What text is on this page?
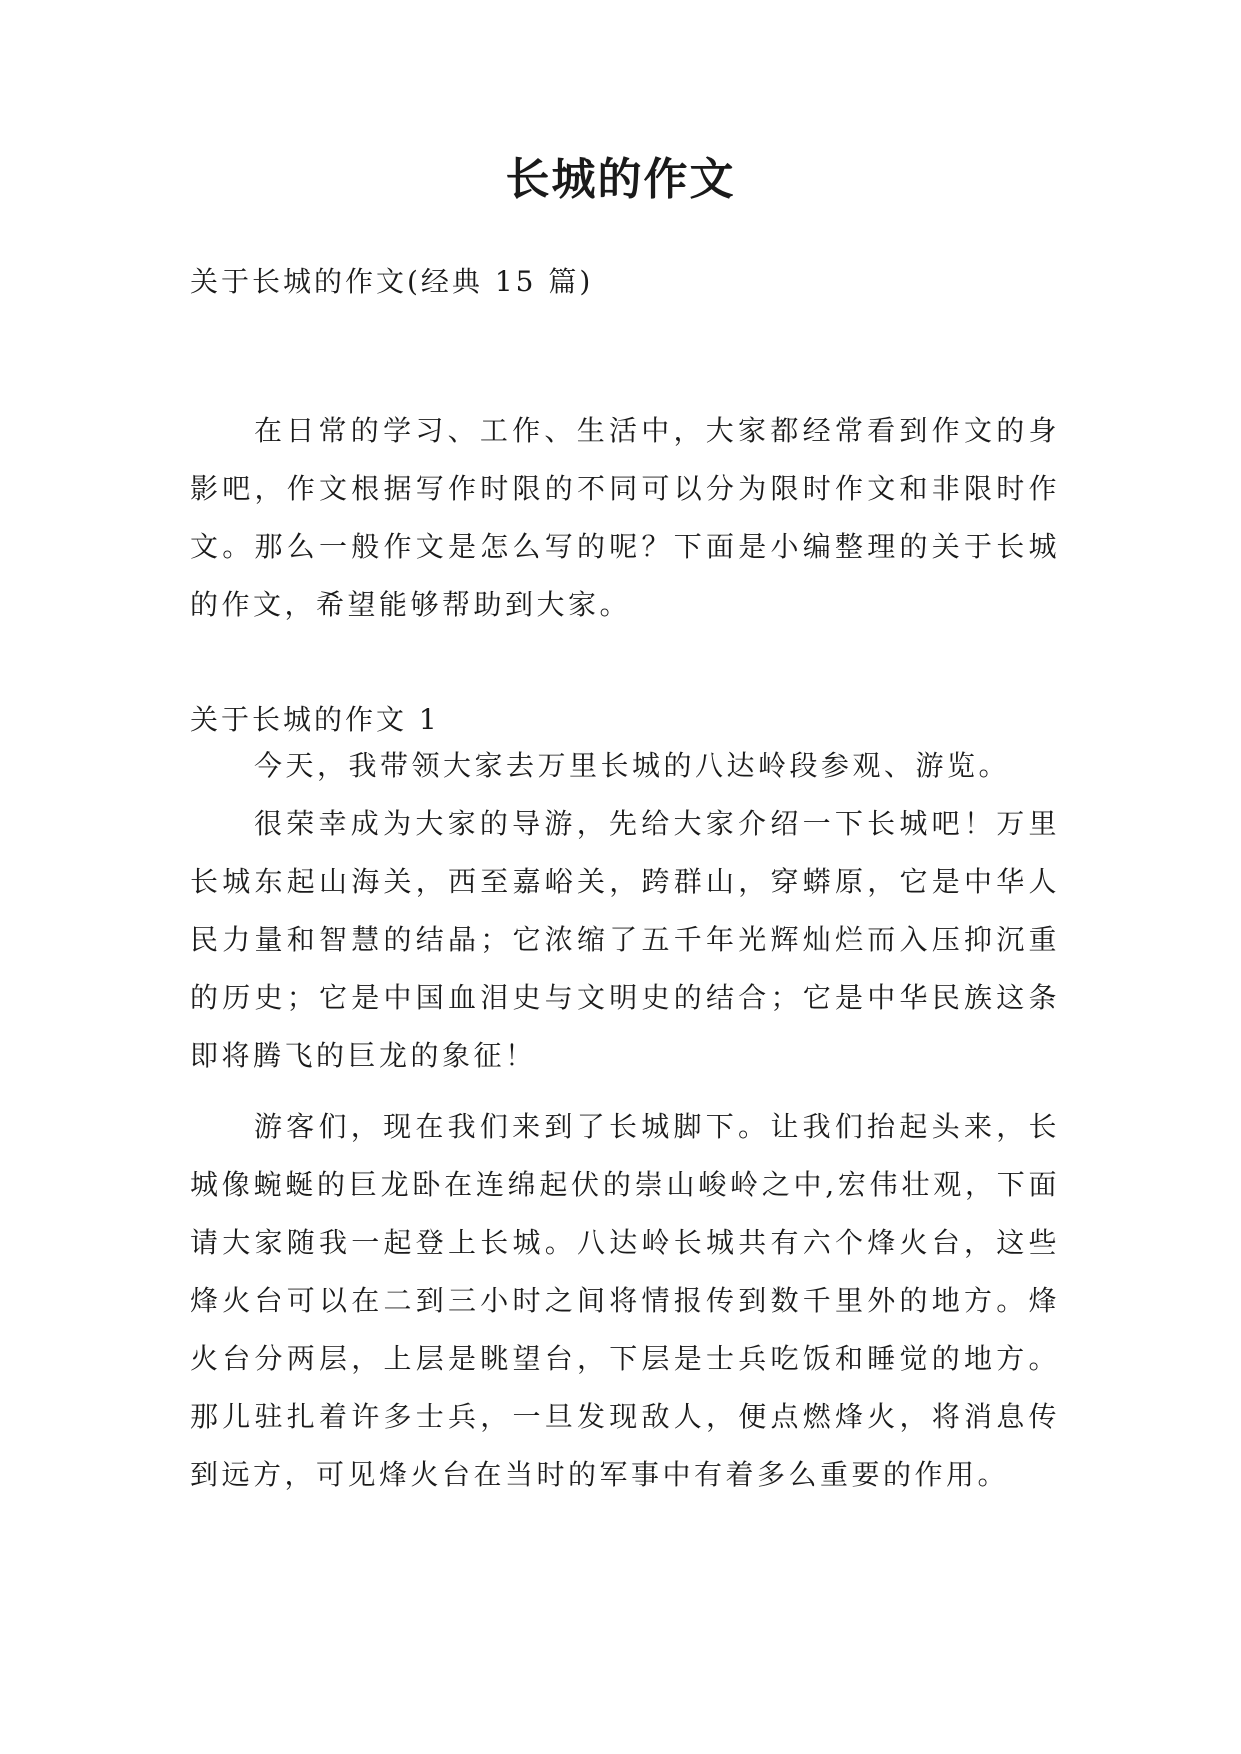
长城的作文
关于长城的作文(经典 15 篇)

在日常的学习、工作、生活中，大家都经常看到作文的身影吧，作文根据写作时限的不同可以分为限时作文和非限时作文。那么一般作文是怎么写的呢？下面是小编整理的关于长城的作文，希望能够帮助到大家。

关于长城的作文 1

今天，我带领大家去万里长城的八达岭段参观、游览。

很荣幸成为大家的导游，先给大家介绍一下长城吧！万里长城东起山海关，西至嘉峪关，跨群山，穿蟒原，它是中华人民力量和智慧的结晶；它浓缩了五千年光辉灿烂而入压抑沉重的历史；它是中国血泪史与文明史的结合；它是中华民族这条即将腾飞的巨龙的象征！

游客们，现在我们来到了长城脚下。让我们抬起头来，长城像蜿蜒的巨龙卧在连绵起伏的崇山峻岭之中,宏伟壮观，下面请大家随我一起登上长城。八达岭长城共有六个烽火台，这些烽火台可以在二到三小时之间将情报传到数千里外的地方。烽火台分两层，上层是眺望台，下层是士兵吃饭和睡觉的地方。那儿驻扎着许多士兵，一旦发现敌人，便点燃烽火，将消息传到远方，可见烽火台在当时的军事中有着多么重要的作用。
